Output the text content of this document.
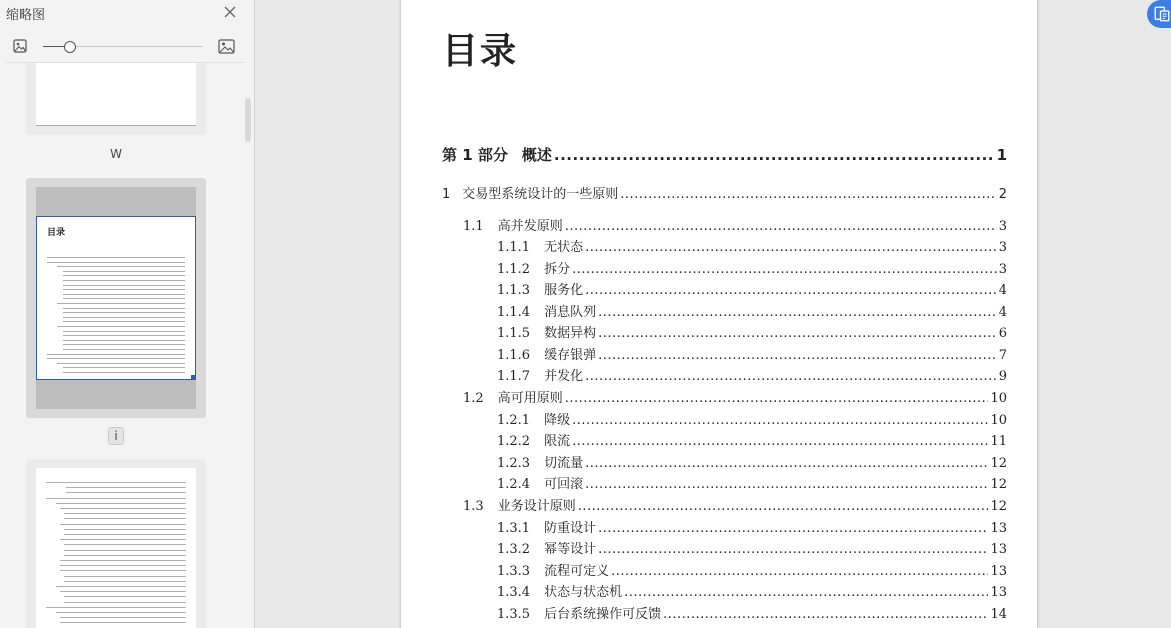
缩略图
W
目录
i
目录
第 1 部分 概述 .....	1
1 交易型系统设计的一些原则 .....	2
1.1 高并发原则 .....	3
1.1.1 无状态 .....	3
1.1.2 拆分 .....	3
1.1.3 服务化 .....	4
1.1.4 消息队列 .....	4
1.1.5 数据异构 .....	6
1.1.6 缓存银弹 .....	7
1.1.7 并发化 .....	9
1.2 高可用原则 .....	10
1.2.1 降级 .....	10
1.2.2 限流 .....	11
1.2.3 切流量 .....	12
1.2.4 可回滚 .....	12
1.3 业务设计原则 .....	12
1.3.1 防重设计 .....	13
1.3.2 幂等设计 .....	13
1.3.3 流程可定义 .....	13
1.3.4 状态与状态机 .....	13
1.3.5 后台系统操作可反馈 .....	14
